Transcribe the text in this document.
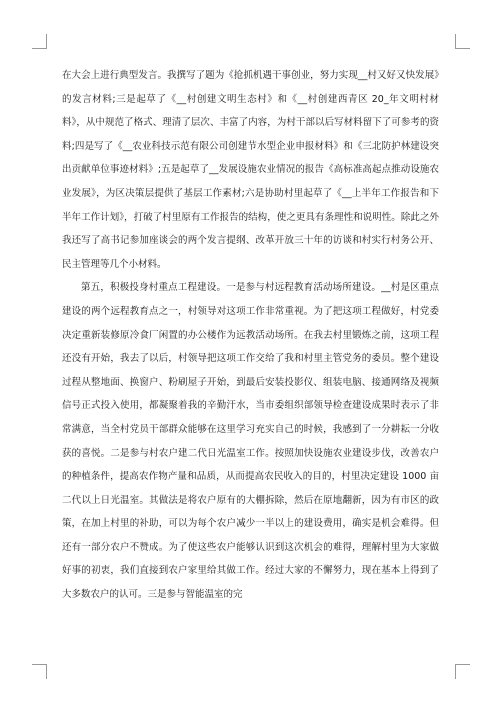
在大会上进行典型发言。我撰写了题为《抢抓机遇干事创业，努力实现__村又好又快发展》的发言材料;三是起草了《__村创建文明生态村》和《__村创建西青区 20_年文明村材料》，从中规范了格式、理清了层次、丰富了内容，为村干部以后写材料留下了可参考的资料;四是写了《__农业科技示范有限公司创建节水型企业申报材料》和《三北防护林建设突出贡献单位事迹材料》;五是起草了__发展设施农业情况的报告《高标准高起点推动设施农业发展》，为区决策层提供了基层工作素材;六是协助村里起草了《__上半年工作报告和下半年工作计划》，打破了村里原有工作报告的结构，使之更具有条理性和说明性。除此之外我还写了高书记参加座谈会的两个发言提纲、改革开放三十年的访谈和村实行村务公开、民主管理等几个小材料。

第五，积极投身村重点工程建设。一是参与村远程教育活动场所建设。__村是区重点建设的两个远程教育点之一，村领导对这项工作非常重视。为了把这项工程做好，村党委决定重新装修原冷食厂闲置的办公楼作为远教活动场所。在我去村里锻炼之前，这项工程还没有开始，我去了以后，村领导把这项工作交给了我和村里主管党务的委员。整个建设过程从整地面、换窗户、粉刷屋子开始，到最后安装投影仪、组装电脑、接通网络及视频信号正式投入使用，都凝聚着我的辛勤汗水，当市委组织部领导检查建设成果时表示了非常满意，当全村党员干部群众能够在这里学习充实自己的时候，我感到了一分耕耘一分收获的喜悦。二是参与村农户建二代日光温室工作。按照加快设施农业建设步伐，改善农户的种植条件，提高农作物产量和品质，从而提高农民收入的目的，村里决定建设 1000 亩二代以上日光温室。其做法是将农户原有的大棚拆除，然后在原地翻新，因为有市区的政策，在加上村里的补助，可以为每个农户减少一半以上的建设费用，确实是机会难得。但还有一部分农户不赞成。为了使这些农户能够认识到这次机会的难得，理解村里为大家做好事的初衷，我们直接到农户家里给其做工作。经过大家的不懈努力，现在基本上得到了大多数农户的认可。三是参与智能温室的完
